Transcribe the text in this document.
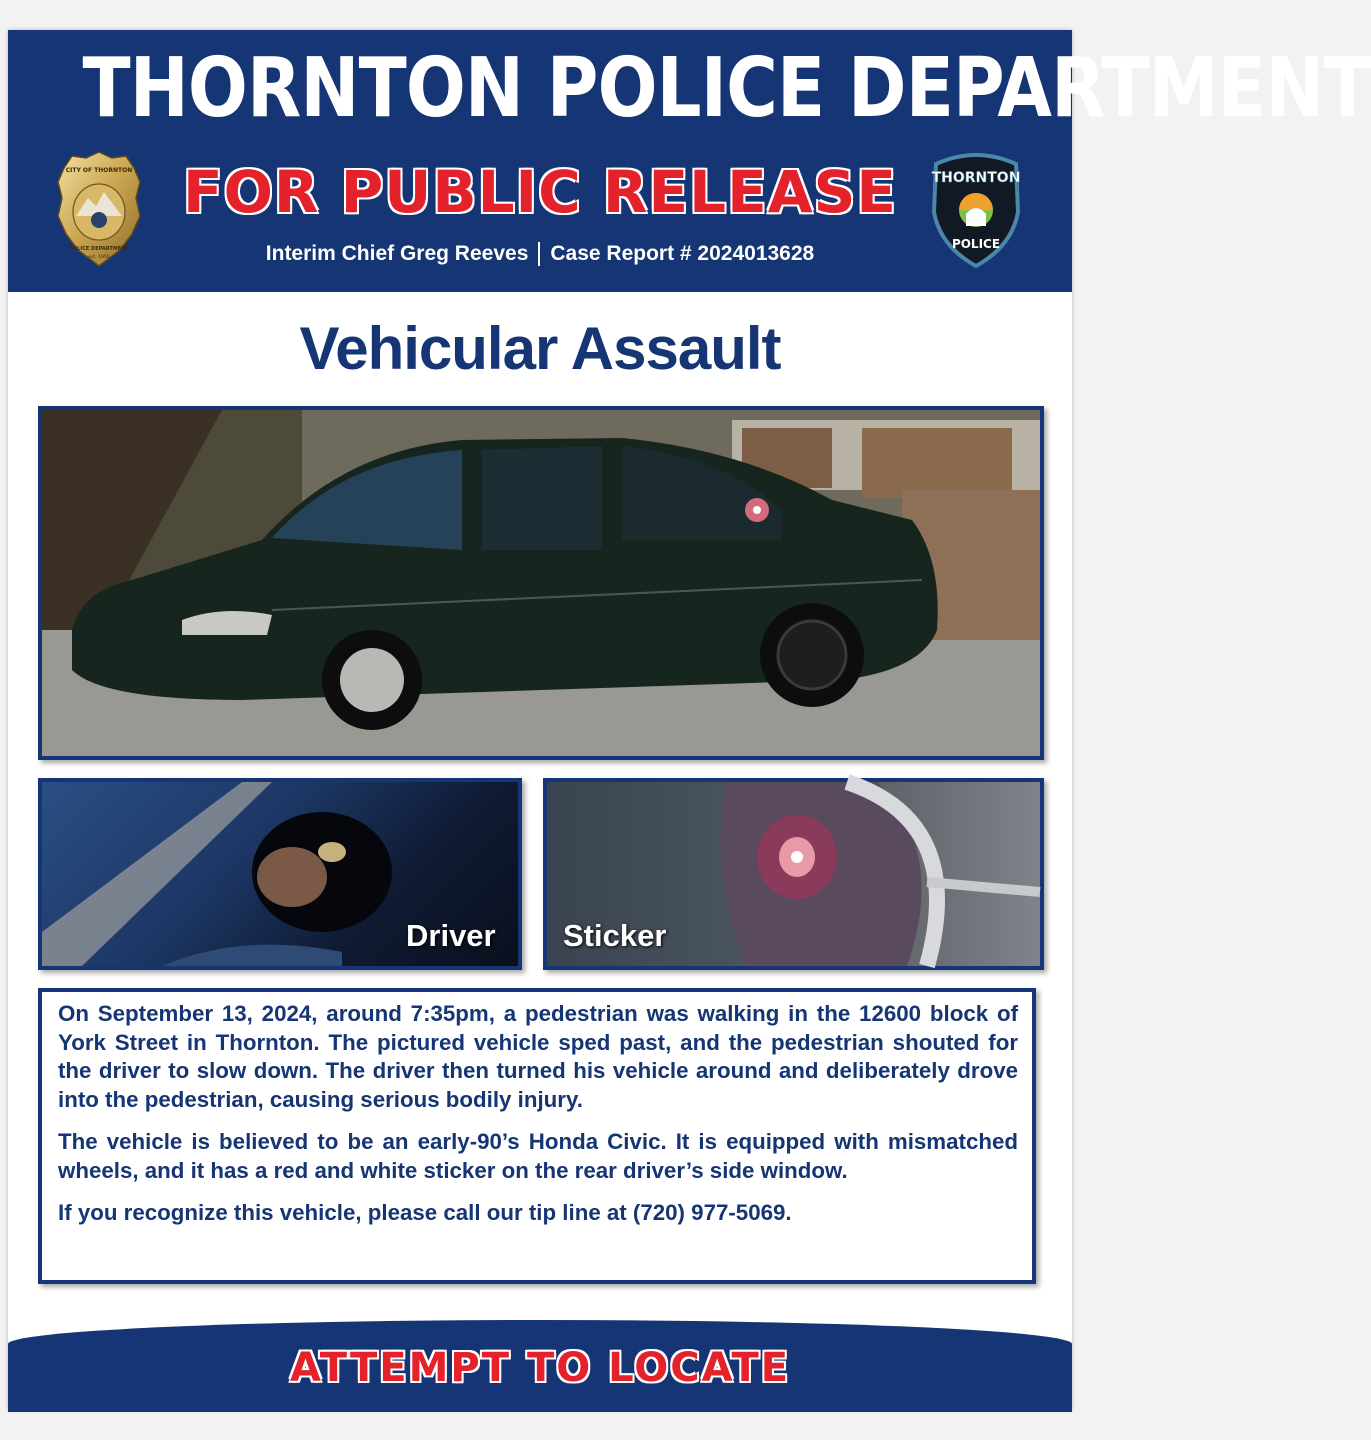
THORNTON POLICE DEPARTMENT
CITY OF THORNTON
POLICE DEPARTMENT
est. 1956
FOR PUBLIC RELEASE	THORNTON
POLICE
Interim Chief Greg Reeves Case Report # 2024013628
Vehicular Assault
Driver Sticker

On September 13, 2024, around 7:35pm, a pedestrian was walking in the 12600 block of York Street in Thornton. The pictured vehicle sped past, and the pedestrian shouted for the driver to slow down. The driver then turned his vehicle around and deliberately drove into the pedestrian, causing serious bodily injury.

The vehicle is believed to be an early-90’s Honda Civic. It is equipped with mismatched wheels, and it has a red and white sticker on the rear driver’s side window.

If you recognize this vehicle, please call our tip line at (720) 977-5069.

ATTEMPT TO LOCATE
